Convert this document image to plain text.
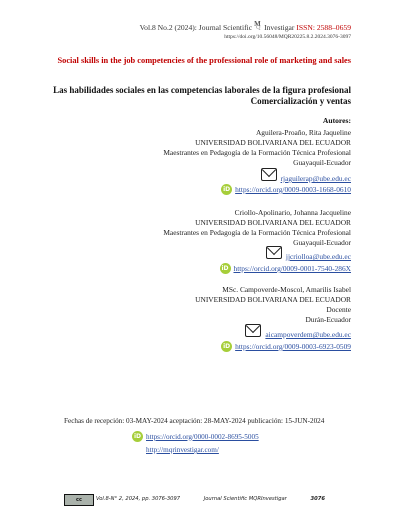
Vol.8 No.2 (2024): Journal Scientific M Q Investigar ISSN: 2588–0659
https://doi.org/10.56048/MQR20225.8.2.2024.3076-3097
Social skills in the job competencies of the professional role of marketing and sales
Las habilidades sociales en las competencias laborales de la figura profesional Comercialización y ventas
Autores:
Aguilera-Proaño, Rita Jaqueline
UNIVERSIDAD BOLIVARIANA DEL ECUADOR
Maestrantes en Pedagogía de la Formación Técnica Profesional
Guayaquil-Ecuador
rjaguilerap@ube.edu.ec
iD https://orcid.org/0009-0003-1668-0610
Criollo-Apolinario, Johanna Jacqueline
UNIVERSIDAD BOLIVARIANA DEL ECUADOR
Maestrantes en Pedagogía de la Formación Técnica Profesional
Guayaquil-Ecuador
jjcriolloa@ube.edu.ec
iD https://orcid.org/0009-0001-7540-286X
MSc. Campoverde-Moscol, Amarilis Isabel
UNIVERSIDAD BOLIVARIANA DEL ECUADOR
Docente
Durán-Ecuador
aicampoverdem@ube.edu.ec
iD https://orcid.org/0009-0003-6923-0509
Fechas de recepción: 03-MAY-2024 aceptación: 28-MAY-2024 publicación: 15-JUN-2024
iD https://orcid.org/0000-0002-8695-5005
http://mqrinvestigar.com/
cc	Vol.8-N° 2, 2024, pp. 3076-3097	Journal Scientific MQRInvestigar	3076
